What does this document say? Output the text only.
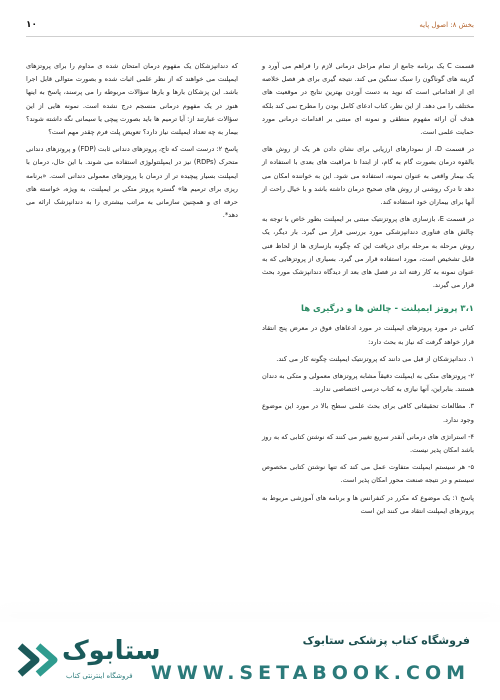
بخش ۸: اصول پایه
۱۰

قسمت C یک برنامه جامع از تمام مراحل درمانی لازم را فراهم می آورد و گزینه های گوناگون را سبک سنگین می کند. نتیجه گیری برای هر فصل خلاصه ای از اقداماتی است که نوید به دست آوردن بهترین نتایج در موقعیت های مختلف را می دهد. از این نظر، کتاب ادعای کامل بودن را مطرح نمی کند بلکه هدف آن ارائه مفهوم منطقی و نمونه ای مبتنی بر اقدامات درمانی مورد حمایت علمی است.

در قسمت D، از نمودارهای ارزیابی برای نشان دادن هر یک از روش های بالقوه درمان بصورت گام به گام، از ابتدا تا مراقبت های بعدی با استفاده از یک بیمار واقعی به عنوان نمونه، استفاده می شود. این به خواننده امکان می دهد تا درک روشنی از روش های صحیح درمان داشته باشد و با خیال راحت از آنها برای بیماران خود استفاده کند.

در قسمت E، بازسازی های پروتزنتیک مبتنی بر ایمپلنت بطور خاص با توجه به چالش های فناوری دندانپزشکی مورد بررسی قرار می گیرد. بار دیگر، یک روش مرحله به مرحله برای دریافت این که چگونه بازسازی ها از لحاظ فنی قابل تشخیص است، مورد استفاده قرار می گیرد. بسیاری از پروتزهایی که به عنوان نمونه به کار رفته اند در فصل های بعد از دیدگاه دندانپزشک مورد بحث قرار می گیرند.

۳،۱ پروتز ایمپلنت - چالش ها و درگیری ها

کتابی در مورد پروتزهای ایمپلنت در مورد ادعاهای فوق در معرض پنج انتقاد قرار خواهد گرفت که نیاز به بحث دارد:

۱. دندانپزشکان از قبل می دانند که پروتزنتیک ایمپلنت چگونه کار می کند.

۲- پروتزهای متکی به ایمپلنت دقیقاً مشابه پروتزهای معمولی و متکی به دندان هستند. بنابراین، آنها نیازی به کتاب درسی اختصاصی ندارند.

۳. مطالعات تحقیقاتی کافی برای بحث علمی سطح بالا در مورد این موضوع وجود ندارد.

۴- استراتژی های درمانی آنقدر سریع تغییر می کنند که نوشتن کتابی که به روز باشد امکان پذیر نیست.

۵- هر سیستم ایمپلنت متفاوت عمل می کند که تنها نوشتن کتابی مخصوص سیستم و در نتیجه صنعت محور امکان پذیر است.

پاسخ ۱: یک موضوع که مکرر در کنفرانس ها و برنامه های آموزشی مربوط به پروتزهای ایمپلنت انتقاد می کنند این است

که دندانپزشکان یک مفهوم درمان امتحان شده ی مداوم را برای پروتزهای ایمپلنت می خواهند که از نظر علمی اثبات شده و بصورت متوالی قابل اجرا باشد. این پزشکان بارها و بارها سؤالات مربوطه را می پرسند، پاسخ به اینها هنوز در یک مفهوم درمانی منسجم درج نشده است. نمونه هایی از این سؤالات عبارتند از: آیا ترمیم ها باید بصورت پیچی یا سیمانی نگه داشته شوند؟ بیمار به چه تعداد ایمپلنت نیاز دارد؟ تعویض پلت فرم چقدر مهم است؟

پاسخ ۲: درست است که تاج، پروتزهای دندانی ثابت (FDP) و پروتزهای دندانی متحرک (RDPs) نیز در ایمپلنتولوژی استفاده می شوند. با این حال، درمان با ایمپلنت بسیار پیچیده تر از درمان با پروتزهای معمولی دندانی است. «برنامه ریزی برای ترمیم ها» گستره پروتز متکی بر ایمپلنت، به ویژه، خواسته های حرفه ای و همچنین سازمانی به مراتب بیشتری را به دندانپزشک ارائه می دهد*.

ستابوک
فروشگاه اینترنتی کتاب
فروشگاه کتاب پزشکی ستابوک
WWW.SETABOOK.COM
